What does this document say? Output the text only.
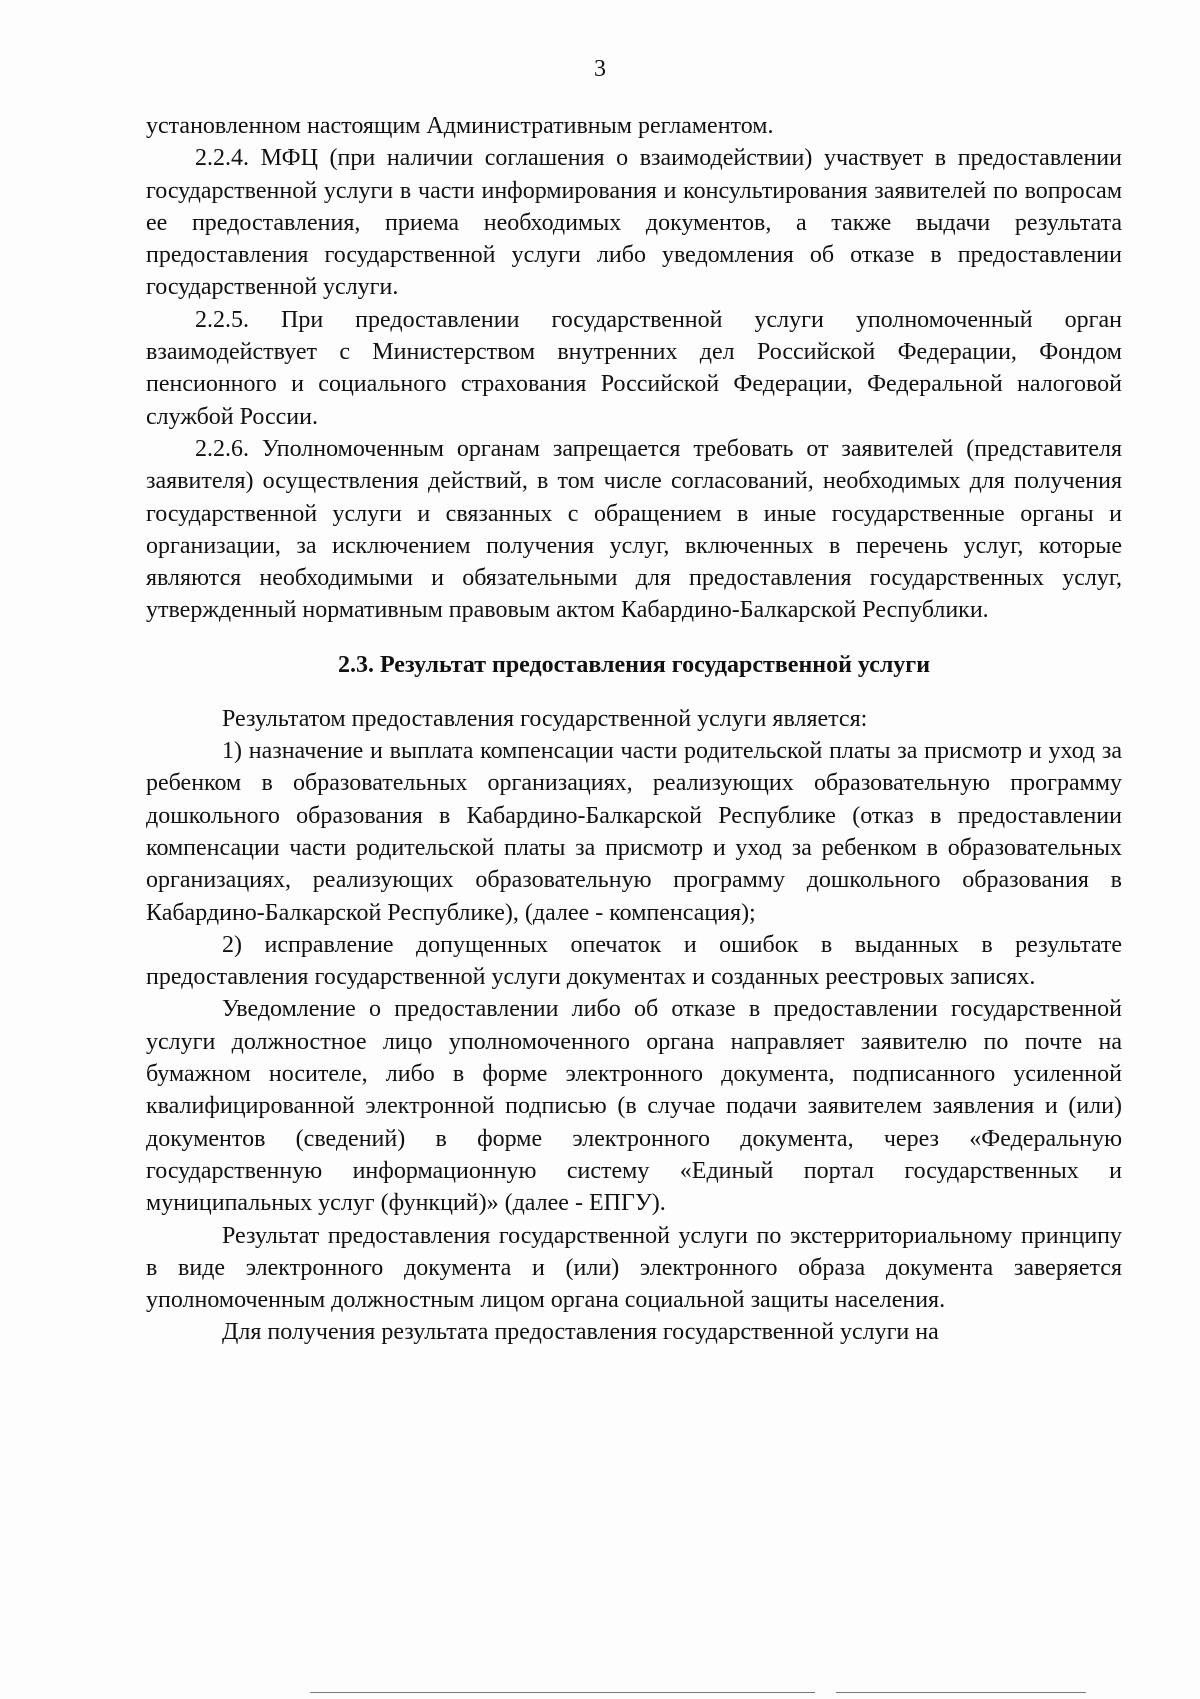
3

установленном настоящим Административным регламентом.

2.2.4. МФЦ (при наличии соглашения о взаимодействии) участвует в предоставлении государственной услуги в части информирования и консультирования заявителей по вопросам ее предоставления, приема необходимых документов, а также выдачи результата предоставления государственной услуги либо уведомления об отказе в предоставлении государственной услуги.

2.2.5. При предоставлении государственной услуги уполномоченный орган взаимодействует с Министерством внутренних дел Российской Федерации, Фондом пенсионного и социального страхования Российской Федерации, Федеральной налоговой службой России.

2.2.6. Уполномоченным органам запрещается требовать от заявителей (представителя заявителя) осуществления действий, в том числе согласований, необходимых для получения государственной услуги и связанных с обращением в иные государственные органы и организации, за исключением получения услуг, включенных в перечень услуг, которые являются необходимыми и обязательными для предоставления государственных услуг, утвержденный нормативным правовым актом Кабардино-Балкарской Республики.

2.3. Результат предоставления государственной услуги

Результатом предоставления государственной услуги является:

1) назначение и выплата компенсации части родительской платы за присмотр и уход за ребенком в образовательных организациях, реализующих образовательную программу дошкольного образования в Кабардино-Балкарской Республике (отказ в предоставлении компенсации части родительской платы за присмотр и уход за ребенком в образовательных организациях, реализующих образовательную программу дошкольного образования в Кабардино-Балкарской Республике), (далее - компенсация);

2) исправление допущенных опечаток и ошибок в выданных в результате предоставления государственной услуги документах и созданных реестровых записях.

Уведомление о предоставлении либо об отказе в предоставлении государственной услуги должностное лицо уполномоченного органа направляет заявителю по почте на бумажном носителе, либо в форме электронного документа, подписанного усиленной квалифицированной электронной подписью (в случае подачи заявителем заявления и (или) документов (сведений) в форме электронного документа, через «Федеральную государственную информационную систему «Единый портал государственных и муниципальных услуг (функций)» (далее - ЕПГУ).

Результат предоставления государственной услуги по экстерриториальному принципу в виде электронного документа и (или) электронного образа документа заверяется уполномоченным должностным лицом органа социальной защиты населения.

Для получения результата предоставления государственной услуги на
